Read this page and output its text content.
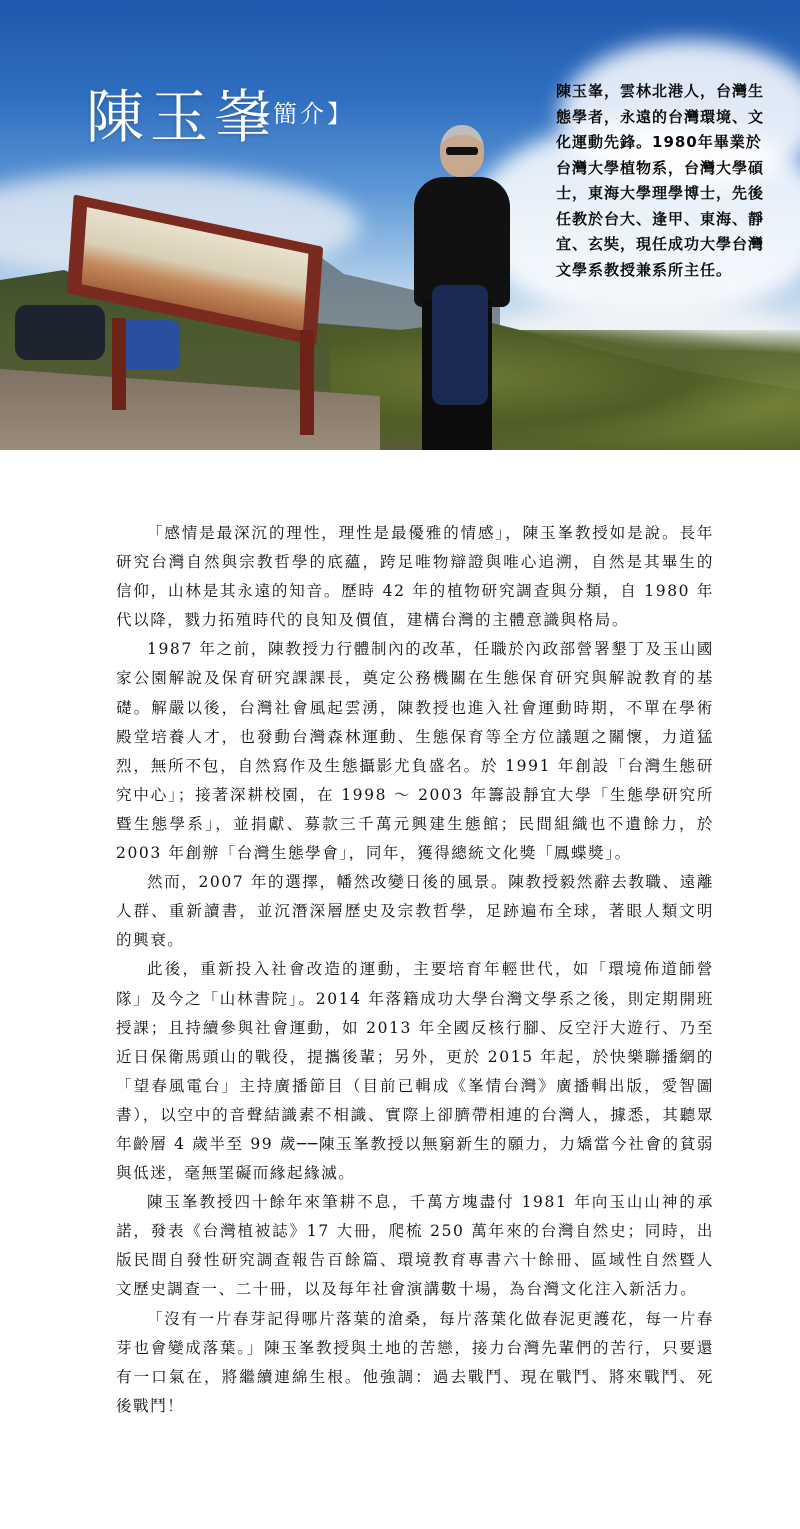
陳玉峯
【簡介】
陳玉峯，雲林北港人，台灣生態學者，永遠的台灣環境、文化運動先鋒。1980年畢業於台灣大學植物系，台灣大學碩士，東海大學理學博士，先後任教於台大、逢甲、東海、靜宜、玄奘，現任成功大學台灣文學系教授兼系所主任。

「感情是最深沉的理性，理性是最優雅的情感」，陳玉峯教授如是說。長年研究台灣自然與宗教哲學的底蘊，跨足唯物辯證與唯心追溯，自然是其畢生的信仰，山林是其永遠的知音。歷時 42 年的植物研究調查與分類，自 1980 年代以降，戮力拓殖時代的良知及價值，建構台灣的主體意識與格局。

1987 年之前，陳教授力行體制內的改革，任職於內政部營署墾丁及玉山國家公園解說及保育研究課課長，奠定公務機關在生態保育研究與解說教育的基礎。解嚴以後，台灣社會風起雲湧，陳教授也進入社會運動時期，不單在學術殿堂培養人才，也發動台灣森林運動、生態保育等全方位議題之關懷，力道猛烈，無所不包，自然寫作及生態攝影尤負盛名。於 1991 年創設「台灣生態研究中心」；接著深耕校園，在 1998 ～ 2003 年籌設靜宜大學「生態學研究所暨生態學系」，並捐獻、募款三千萬元興建生態館；民間組織也不遺餘力，於 2003 年創辦「台灣生態學會」，同年，獲得總統文化獎「鳳蝶獎」。

然而，2007 年的選擇，幡然改變日後的風景。陳教授毅然辭去教職、遠離人群、重新讀書，並沉潛深層歷史及宗教哲學，足跡遍布全球，著眼人類文明的興衰。

此後，重新投入社會改造的運動，主要培育年輕世代，如「環境佈道師營隊」及今之「山林書院」。2014 年落籍成功大學台灣文學系之後，則定期開班授課；且持續參與社會運動，如 2013 年全國反核行腳、反空汙大遊行、乃至近日保衛馬頭山的戰役，提攜後輩；另外，更於 2015 年起，於快樂聯播網的「望春風電台」主持廣播節目（目前已輯成《峯情台灣》廣播輯出版，愛智圖書），以空中的音聲結識素不相識、實際上卻臍帶相連的台灣人，據悉，其聽眾年齡層 4 歲半至 99 歲──陳玉峯教授以無窮新生的願力，力矯當今社會的貧弱與低迷，毫無罣礙而緣起緣滅。

陳玉峯教授四十餘年來筆耕不息，千萬方塊盡付 1981 年向玉山山神的承諾，發表《台灣植被誌》17 大冊，爬梳 250 萬年來的台灣自然史；同時，出版民間自發性研究調查報告百餘篇、環境教育專書六十餘冊、區域性自然暨人文歷史調查一、二十冊，以及每年社會演講數十場，為台灣文化注入新活力。

「沒有一片春芽記得哪片落葉的滄桑，每片落葉化做春泥更護花，每一片春芽也會變成落葉。」陳玉峯教授與土地的苦戀，接力台灣先輩們的苦行，只要還有一口氣在，將繼續連綿生根。他強調：過去戰鬥、現在戰鬥、將來戰鬥、死後戰鬥！
